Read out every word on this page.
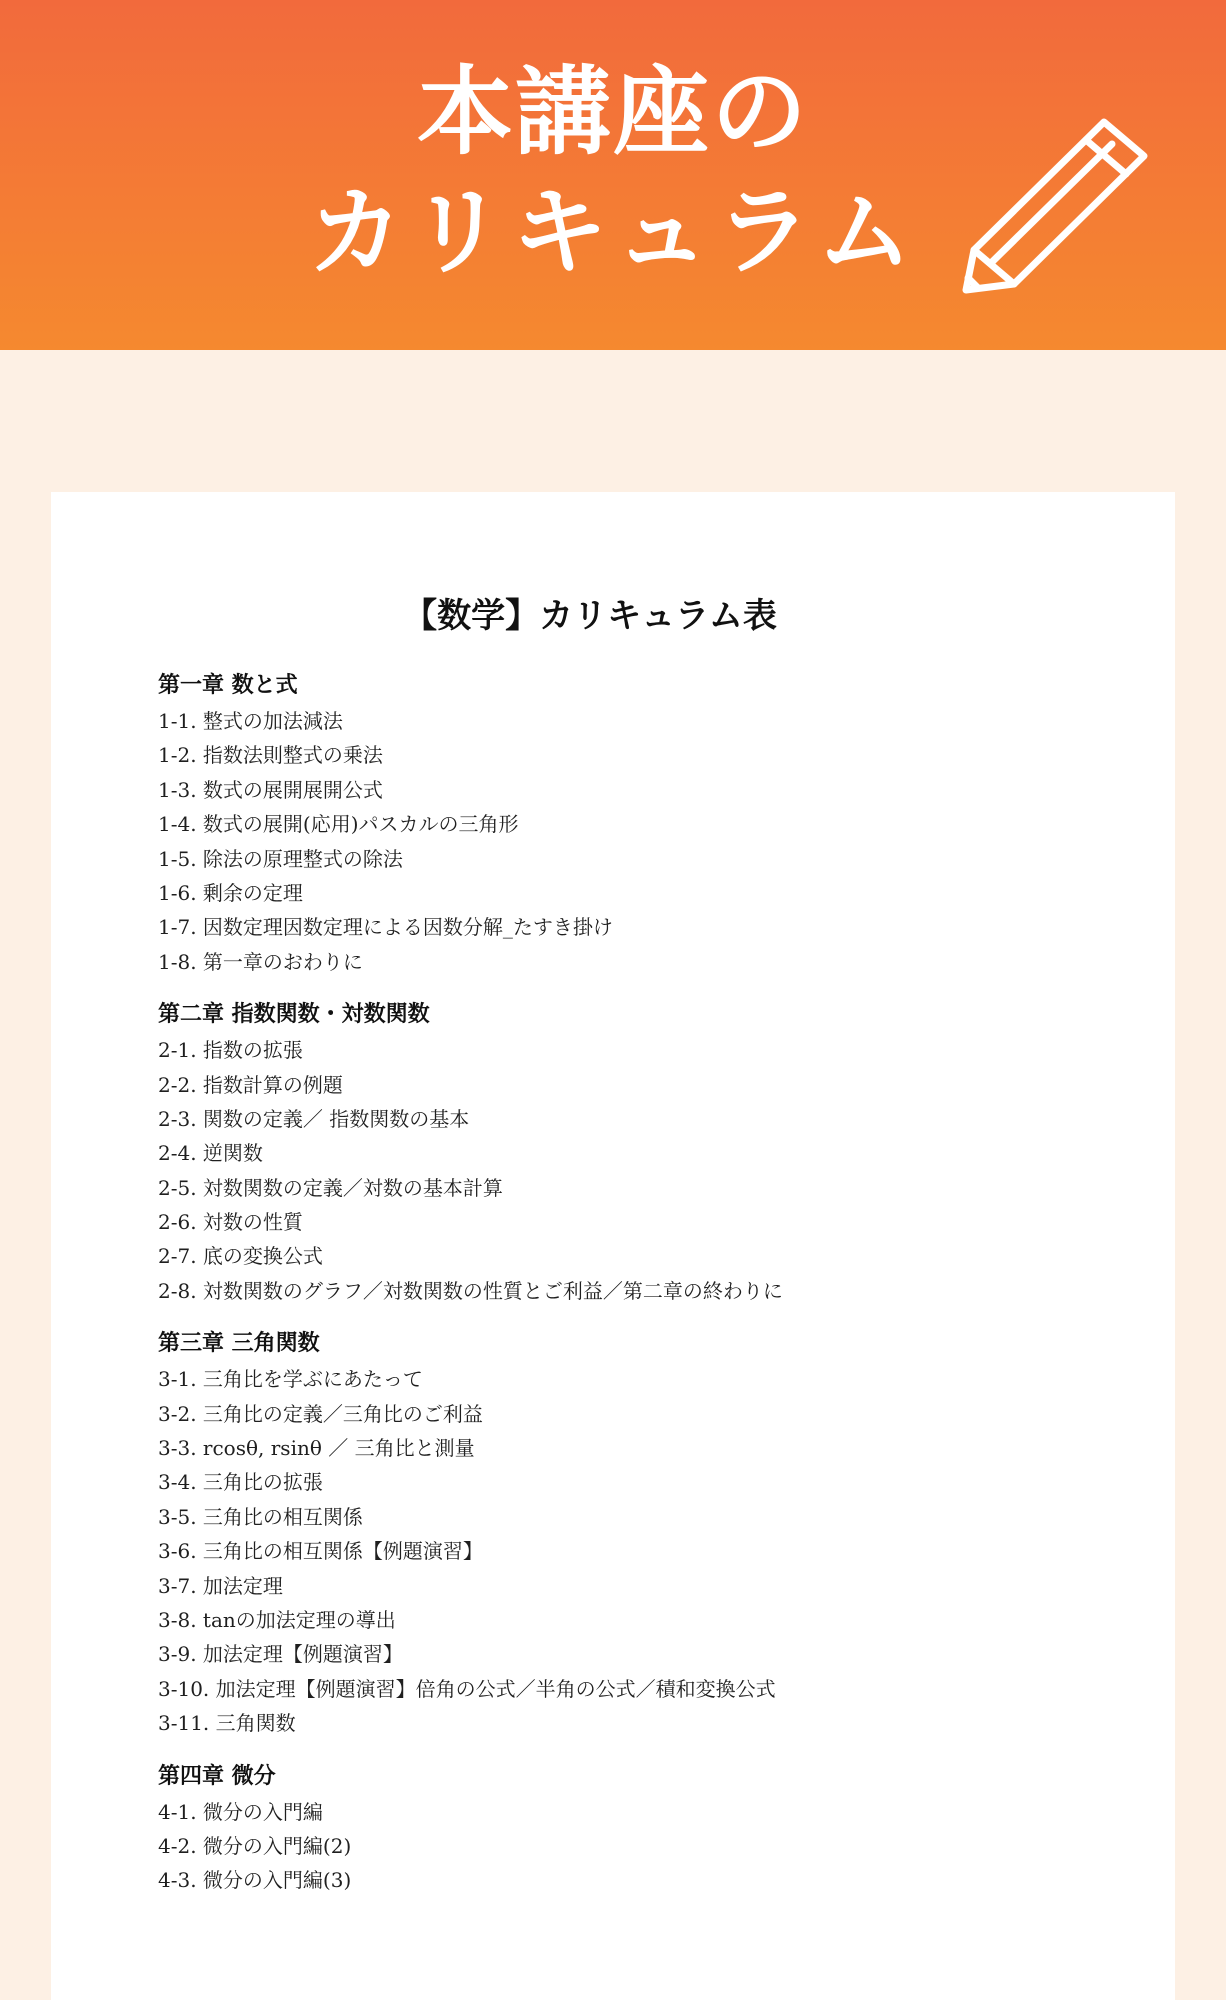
本講座の
カリキュラム
【数学】カリキュラム表
第一章 数と式
1-1. 整式の加法減法
1-2. 指数法則整式の乗法
1-3. 数式の展開展開公式
1-4. 数式の展開(応用)パスカルの三角形
1-5. 除法の原理整式の除法
1-6. 剰余の定理
1-7. 因数定理因数定理による因数分解_たすき掛け
1-8. 第一章のおわりに
第二章 指数関数・対数関数
2-1. 指数の拡張
2-2. 指数計算の例題
2-3. 関数の定義／ 指数関数の基本
2-4. 逆関数
2-5. 対数関数の定義／対数の基本計算
2-6. 対数の性質
2-7. 底の変換公式
2-8. 対数関数のグラフ／対数関数の性質とご利益／第二章の終わりに
第三章 三角関数
3-1. 三角比を学ぶにあたって
3-2. 三角比の定義／三角比のご利益
3-3. rcosθ, rsinθ ／ 三角比と測量
3-4. 三角比の拡張
3-5. 三角比の相互関係
3-6. 三角比の相互関係【例題演習】
3-7. 加法定理
3-8. tanの加法定理の導出
3-9. 加法定理【例題演習】
3-10. 加法定理【例題演習】倍角の公式／半角の公式／積和変換公式
3-11. 三角関数
第四章 微分
4-1. 微分の入門編
4-2. 微分の入門編(2)
4-3. 微分の入門編(3)
